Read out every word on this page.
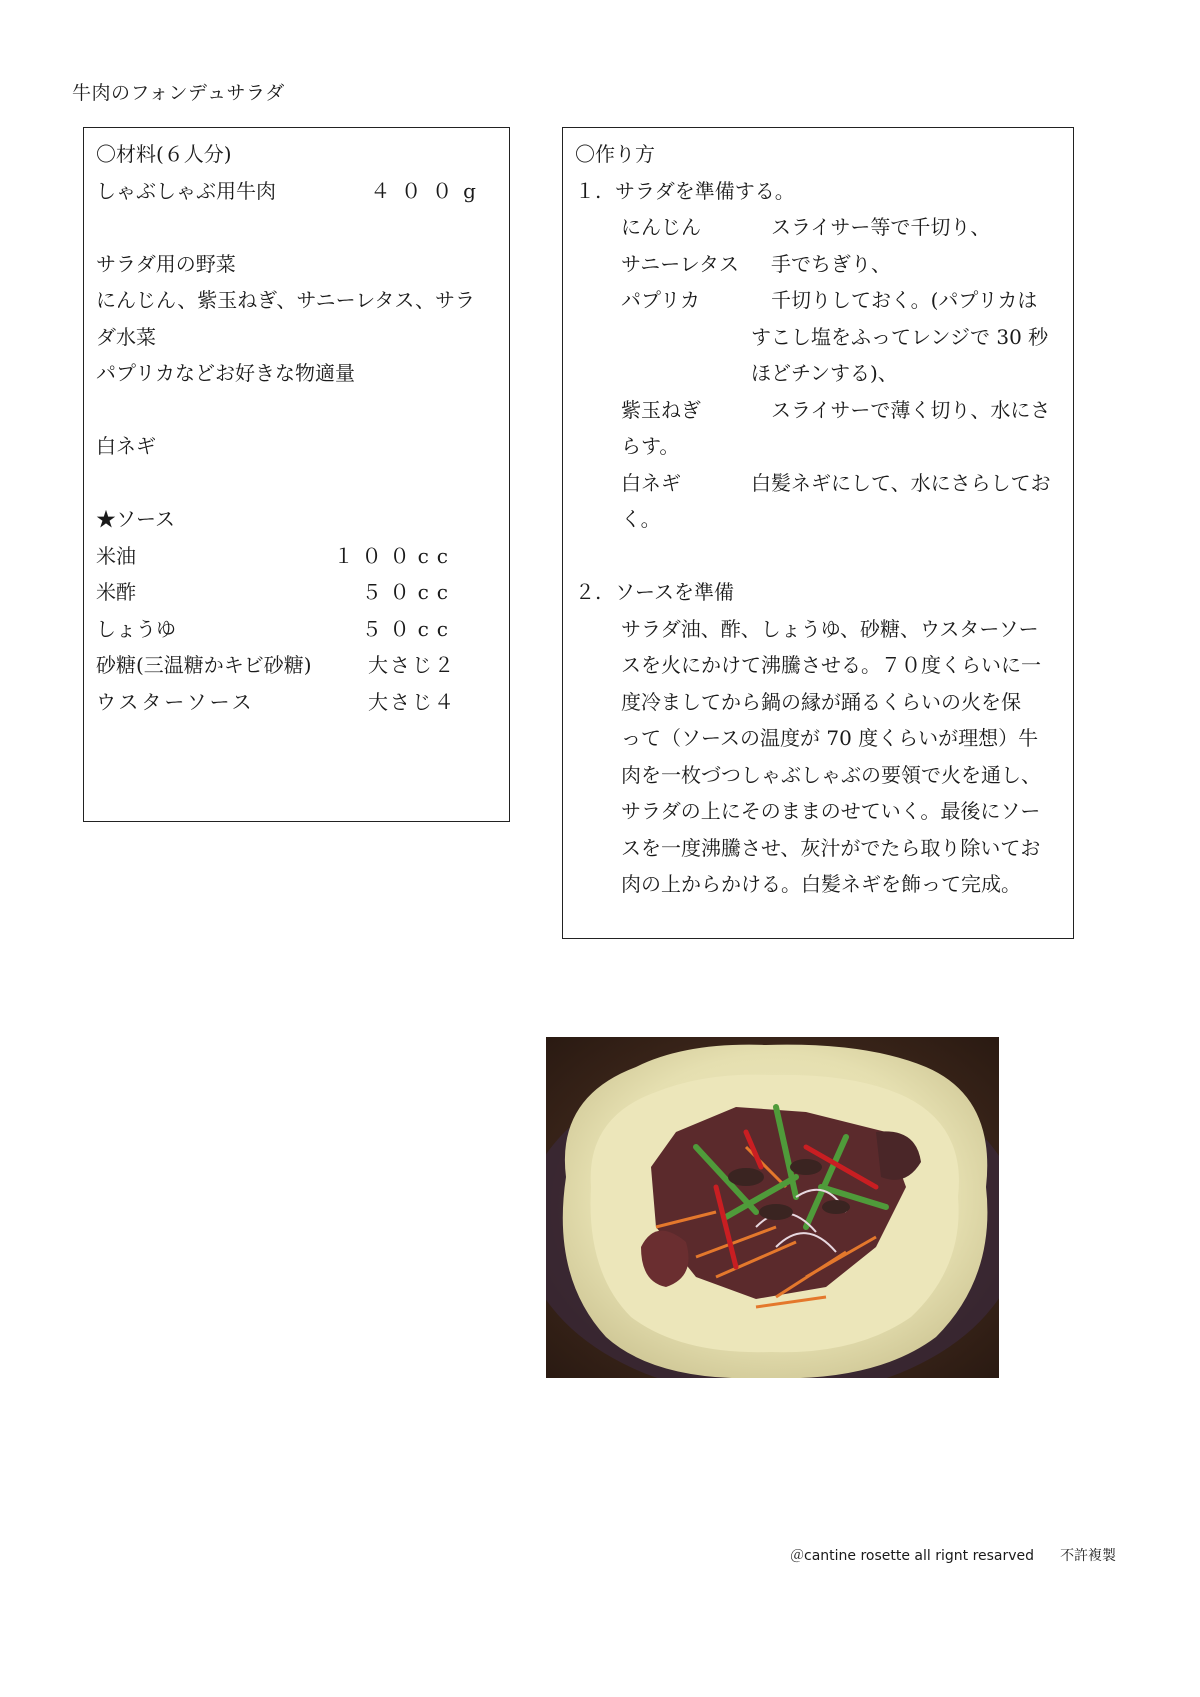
牛肉のフォンデュサラダ
〇材料(６人分)
しゃぶしゃぶ用牛肉	４００g
サラダ用の野菜
にんじん、紫玉ねぎ、サニーレタス、サラ
ダ水菜
パプリカなどお好きな物適量
白ネギ
★ソース
米油	１００cc
米酢	５０cc
しょうゆ	５０cc
砂糖(三温糖かキビ砂糖)	大さじ２
ウスターソース	大さじ４
〇作り方
１. サラダを準備する。
にんじん	スライサー等で千切り、
サニーレタス 手でちぎり、
パプリカ	千切りしておく。(パプリカは
すこし塩をふってレンジで 30 秒
ほどチンする)、
紫玉ねぎ	スライサーで薄く切り、水にさ
らす。
白ネギ	白髪ネギにして、水にさらしてお
く。
２. ソースを準備
サラダ油、酢、しょうゆ、砂糖、ウスターソー
スを火にかけて沸騰させる。７０度くらいに一
度冷ましてから鍋の縁が踊るくらいの火を保
って（ソースの温度が 70 度くらいが理想）牛
肉を一枚づつしゃぶしゃぶの要領で火を通し、
サラダの上にそのままのせていく。最後にソー
スを一度沸騰させ、灰汁がでたら取り除いてお
肉の上からかける。白髪ネギを飾って完成。
＠cantine rosette all rignt resarved 不許複製
